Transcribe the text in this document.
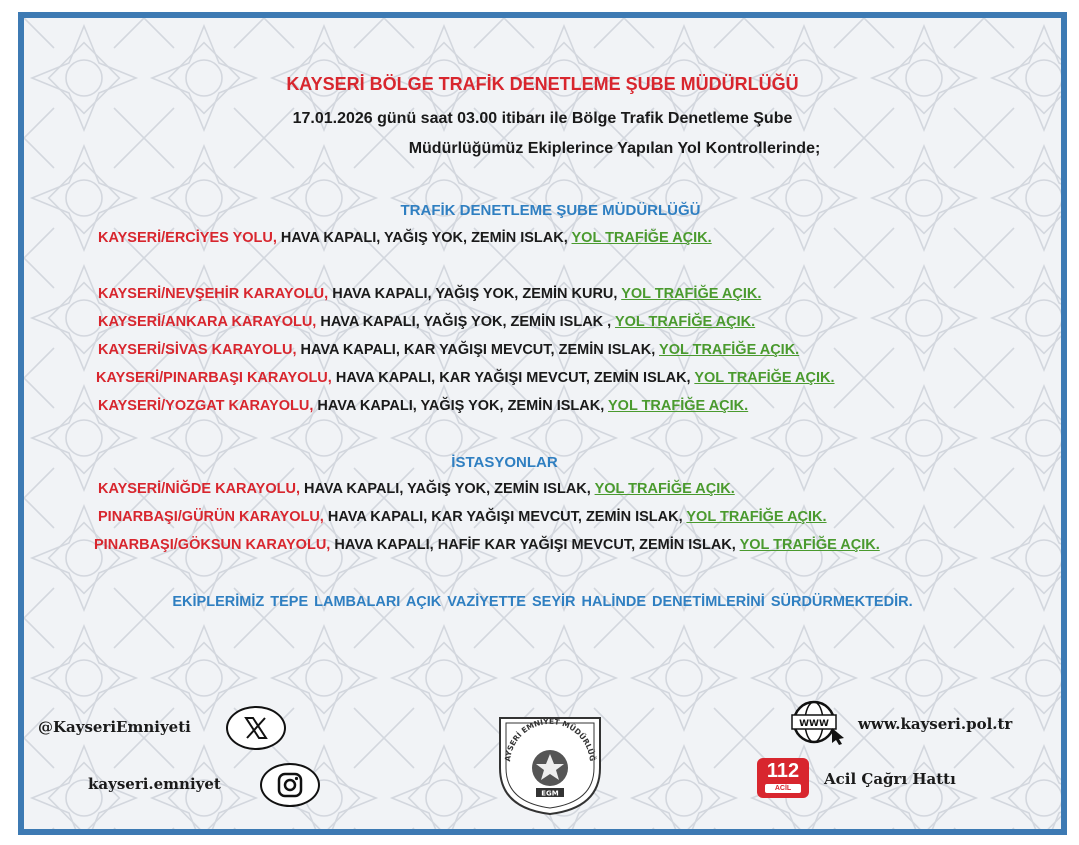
KAYSERİ BÖLGE TRAFİK DENETLEME ŞUBE MÜDÜRLÜĞÜ
17.01.2026 günü saat 03.00 itibarı ile Bölge Trafik Denetleme Şube
Müdürlüğümüz Ekiplerince Yapılan Yol Kontrollerinde;
TRAFİK DENETLEME ŞUBE MÜDÜRLÜĞÜ
KAYSERİ/ERCİYES YOLU, HAVA KAPALI, YAĞIŞ YOK, ZEMİN ISLAK, YOL TRAFİĞE AÇIK.
KAYSERİ/NEVŞEHİR KARAYOLU, HAVA KAPALI, YAĞIŞ YOK, ZEMİN KURU, YOL TRAFİĞE AÇIK.
KAYSERİ/ANKARA KARAYOLU, HAVA KAPALI, YAĞIŞ YOK, ZEMİN ISLAK , YOL TRAFİĞE AÇIK.
KAYSERİ/SİVAS KARAYOLU, HAVA KAPALI, KAR YAĞIŞI MEVCUT, ZEMİN ISLAK, YOL TRAFİĞE AÇIK.
KAYSERİ/PINARBAŞI KARAYOLU, HAVA KAPALI, KAR YAĞIŞI MEVCUT, ZEMİN ISLAK, YOL TRAFİĞE AÇIK.
KAYSERİ/YOZGAT KARAYOLU, HAVA KAPALI, YAĞIŞ YOK, ZEMİN ISLAK, YOL TRAFİĞE AÇIK.
İSTASYONLAR
KAYSERİ/NİĞDE KARAYOLU, HAVA KAPALI, YAĞIŞ YOK, ZEMİN ISLAK, YOL TRAFİĞE AÇIK.
PINARBAŞI/GÜRÜN KARAYOLU, HAVA KAPALI, KAR YAĞIŞI MEVCUT, ZEMİN ISLAK, YOL TRAFİĞE AÇIK.
PINARBAŞI/GÖKSUN KARAYOLU, HAVA KAPALI, HAFİF KAR YAĞIŞI MEVCUT, ZEMİN ISLAK, YOL TRAFİĞE AÇIK.
EKİPLERİMİZ TEPE LAMBALARI AÇIK VAZİYETTE SEYİR HALİNDE DENETİMLERİNİ SÜRDÜRMEKTEDİR.
@KayseriEmniyeti
kayseri.emniyet
AYSERİ EMNİYET MÜDÜRLÜĞ
EGM
WWW www.kayseri.pol.tr
112
ACİL
Acil Çağrı Hattı
